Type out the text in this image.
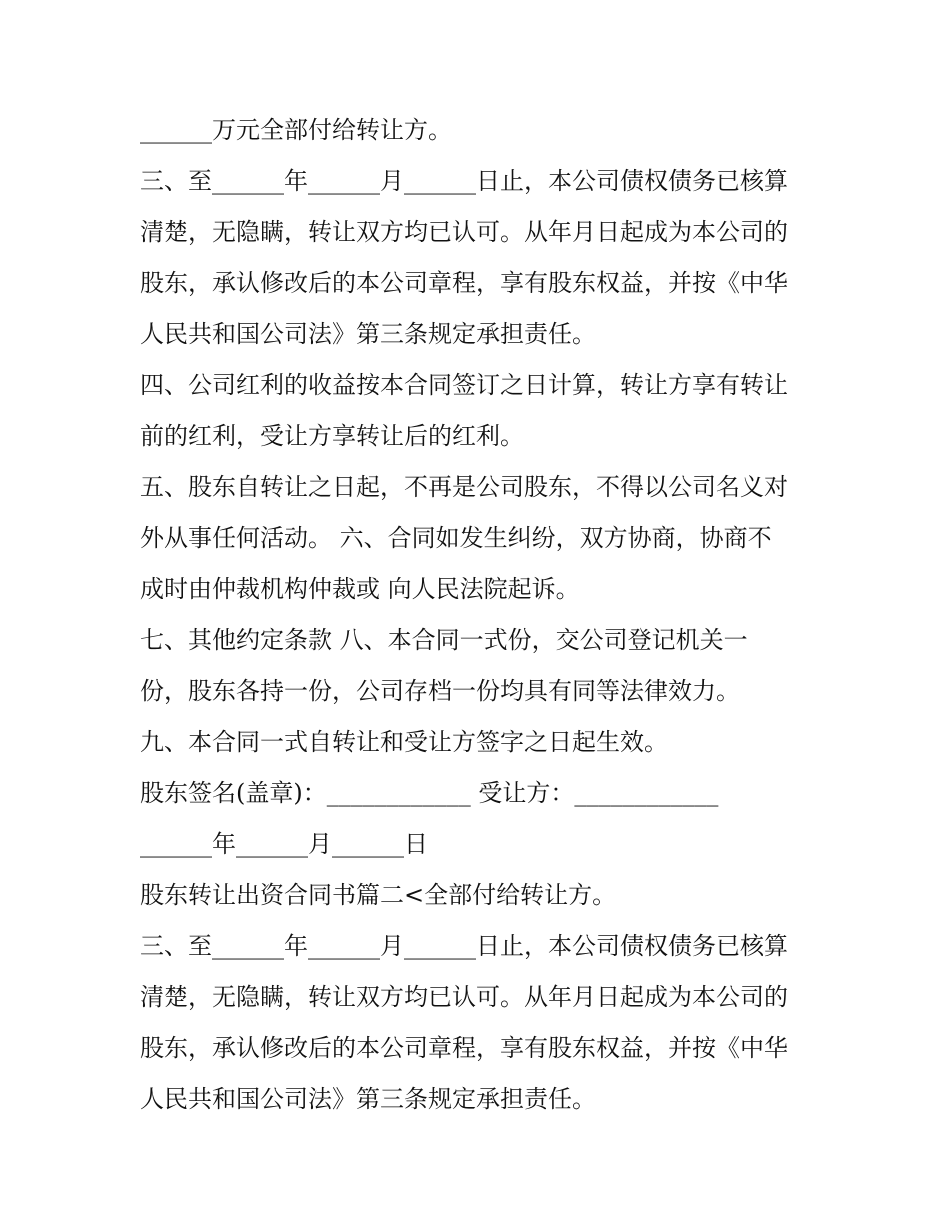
______万元全部付给转让方。
三、至______年______月______日止，本公司债权债务已核算
清楚，无隐瞒，转让双方均已认可。从年月日起成为本公司的
股东，承认修改后的本公司章程，享有股东权益，并按《中华
人民共和国公司法》第三条规定承担责任。
四、公司红利的收益按本合同签订之日计算，转让方享有转让
前的红利，受让方享转让后的红利。
五、股东自转让之日起，不再是公司股东，不得以公司名义对
外从事任何活动。 六、合同如发生纠纷，双方协商，协商不
成时由仲裁机构仲裁或 向人民法院起诉。
七、其他约定条款 八、本合同一式份，交公司登记机关一
份，股东各持一份，公司存档一份均具有同等法律效力。
九、本合同一式自转让和受让方签字之日起生效。
股东签名(盖章)：____________ 受让方：____________
______年______月______日
股东转让出资合同书篇二<全部付给转让方。
三、至______年______月______日止，本公司债权债务已核算
清楚，无隐瞒，转让双方均已认可。从年月日起成为本公司的
股东，承认修改后的本公司章程，享有股东权益，并按《中华
人民共和国公司法》第三条规定承担责任。
